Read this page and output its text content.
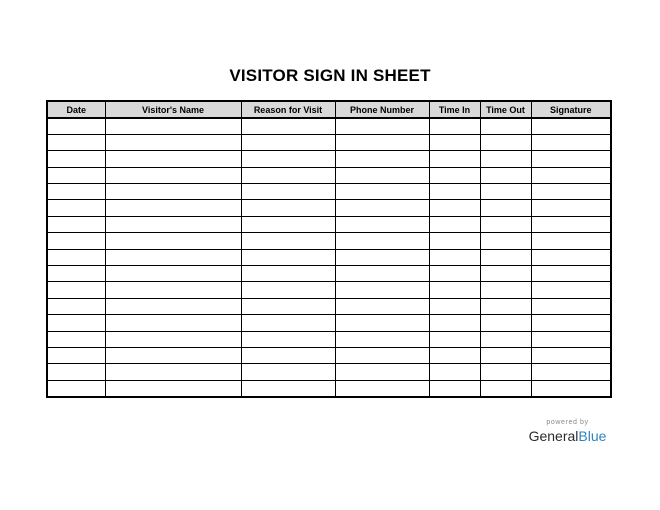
VISITOR SIGN IN SHEET
Date	Visitor's Name	Reason for Visit	Phone Number	Time In	Time Out	Signature

powered by
GeneralBlue
